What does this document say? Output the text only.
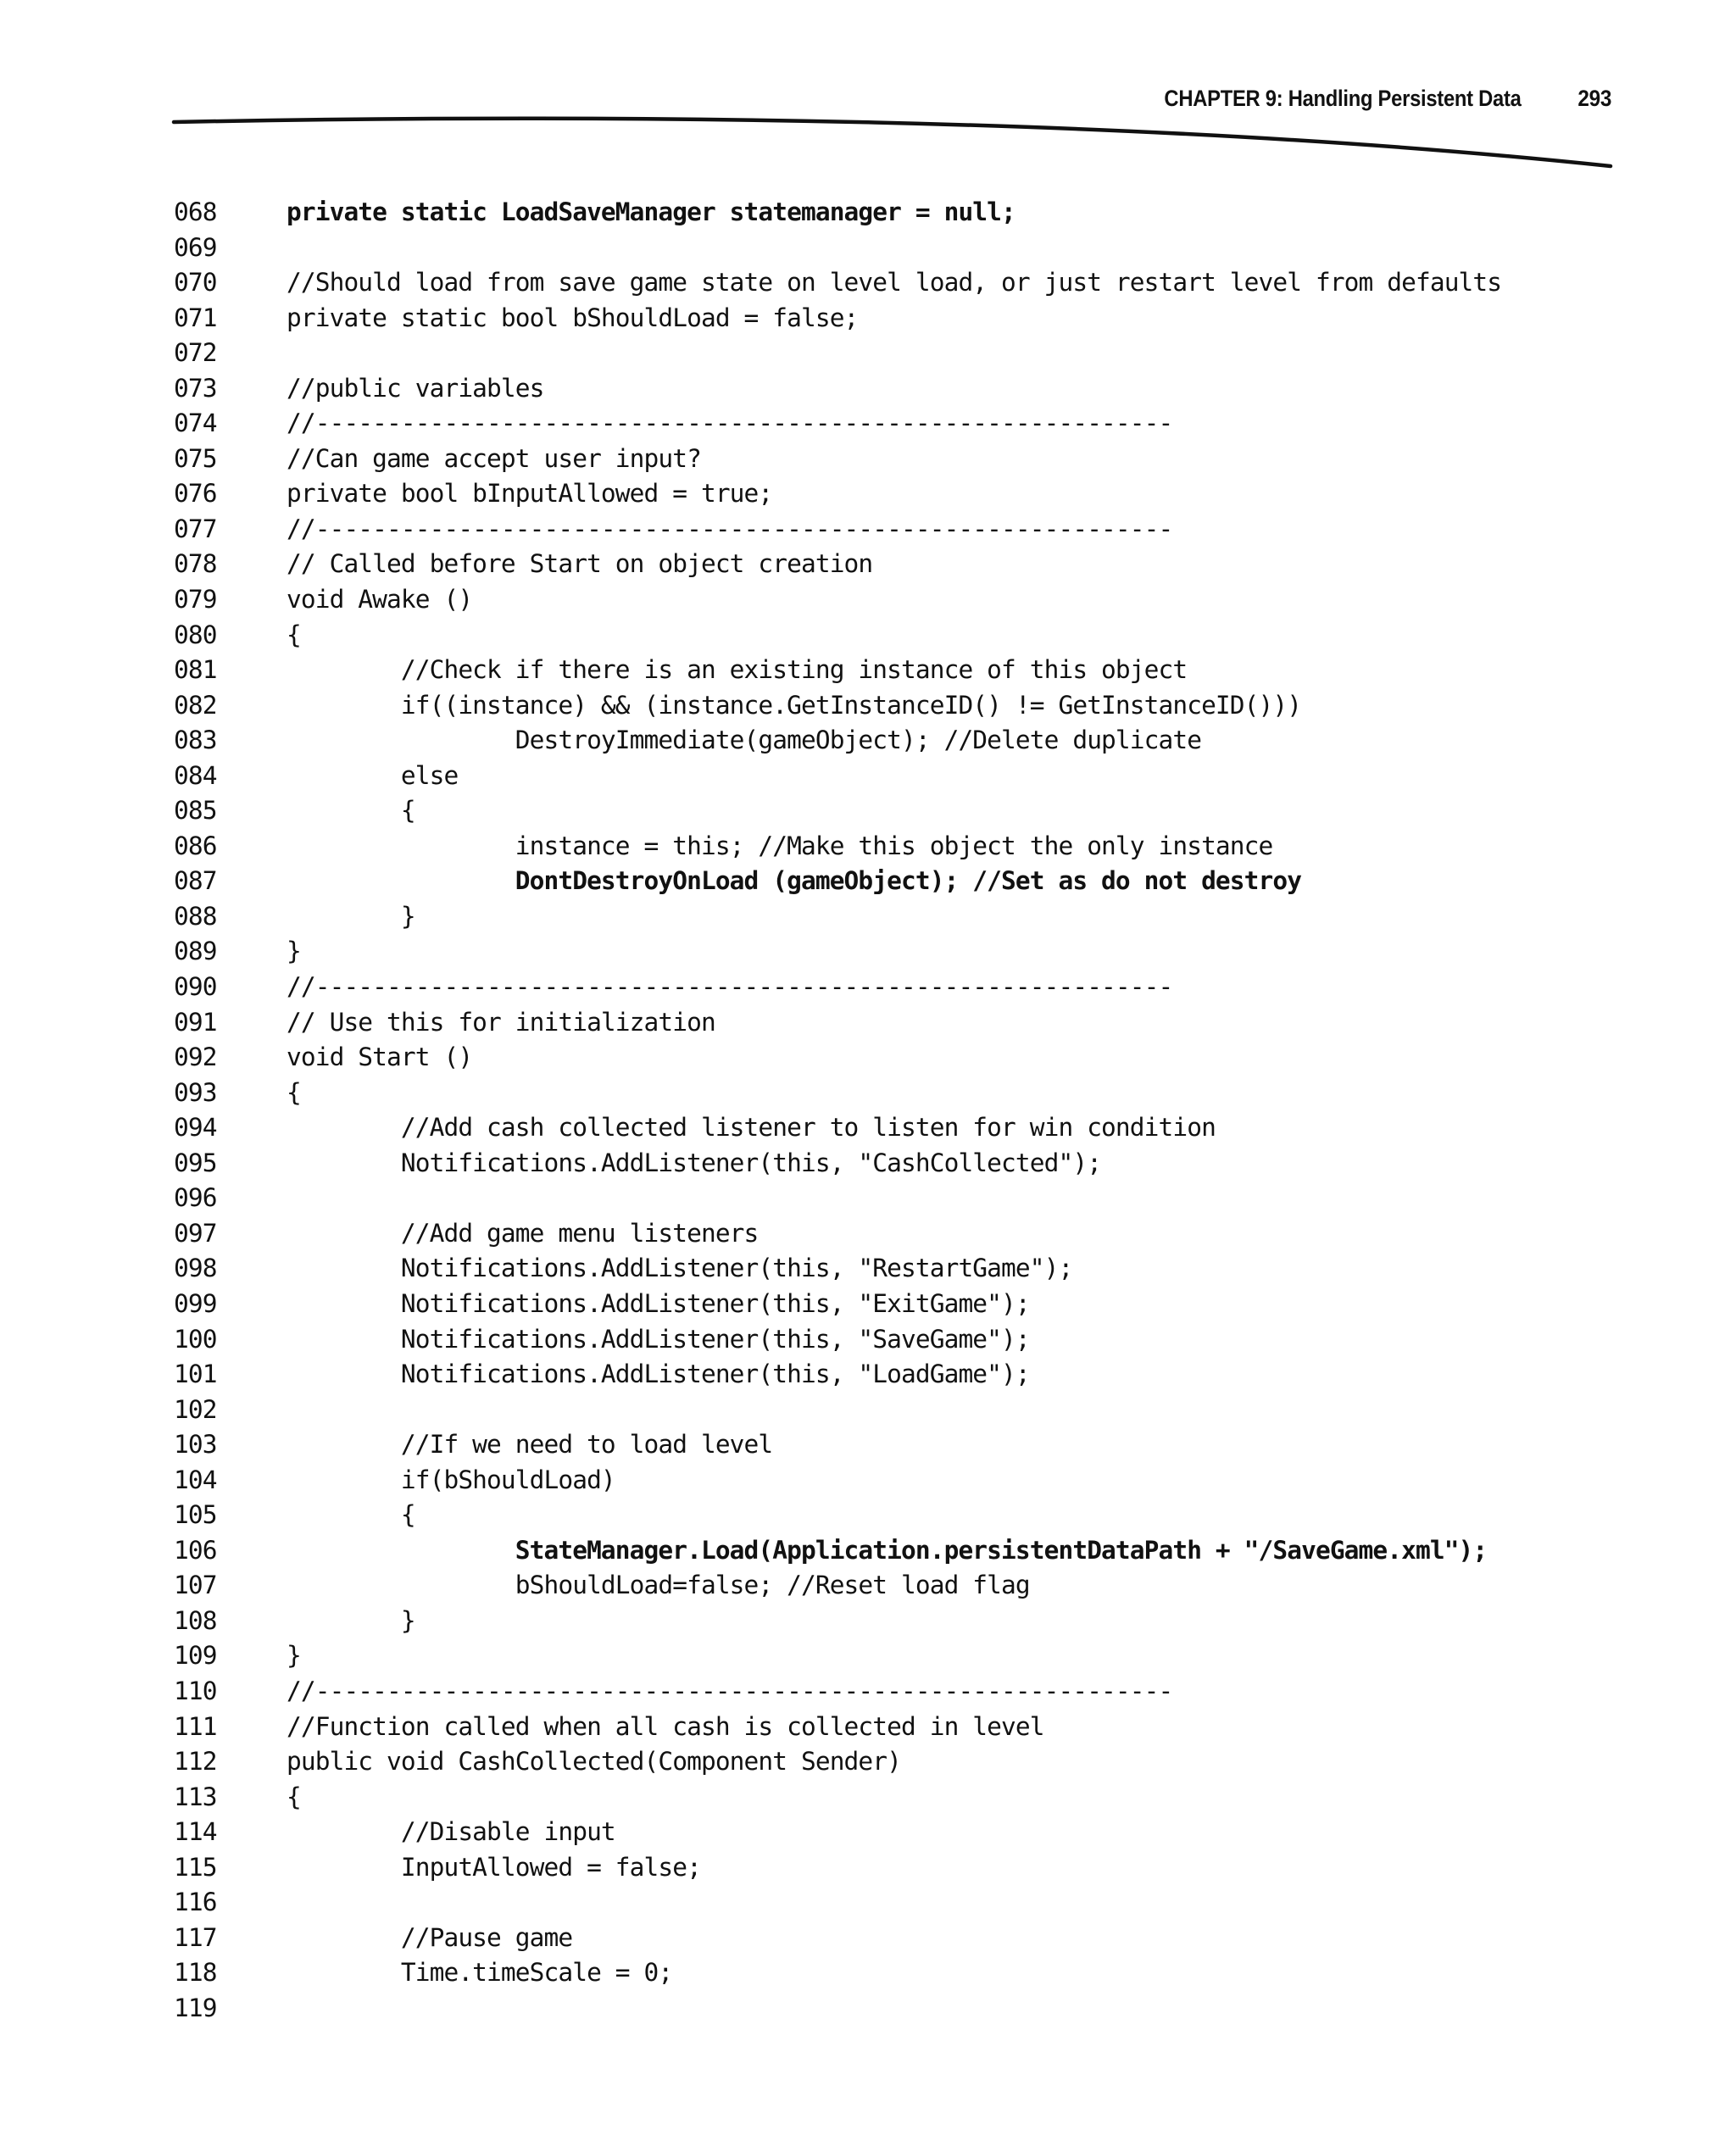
CHAPTER 9: Handling Persistent Data 293
068	private static LoadSaveManager statemanager = null;
069
070	//Should load from save game state on level load, or just restart level from defaults
071	private static bool bShouldLoad = false;
072
073	//public variables
074	//------------------------------------------------------------
075	//Can game accept user input?
076	private bool bInputAllowed = true;
077	//------------------------------------------------------------
078	// Called before Start on object creation
079	void Awake ()
080	{
081	//Check if there is an existing instance of this object
082	if((instance) && (instance.GetInstanceID() != GetInstanceID()))
083	DestroyImmediate(gameObject); //Delete duplicate
084	else
085	{
086	instance = this; //Make this object the only instance
087	DontDestroyOnLoad (gameObject); //Set as do not destroy
088	}
089	}
090	//------------------------------------------------------------
091	// Use this for initialization
092	void Start ()
093	{
094	//Add cash collected listener to listen for win condition
095	Notifications.AddListener(this, "CashCollected");
096
097	//Add game menu listeners
098	Notifications.AddListener(this, "RestartGame");
099	Notifications.AddListener(this, "ExitGame");
100	Notifications.AddListener(this, "SaveGame");
101	Notifications.AddListener(this, "LoadGame");
102
103	//If we need to load level
104	if(bShouldLoad)
105	{
106	StateManager.Load(Application.persistentDataPath + "/SaveGame.xml");
107	bShouldLoad=false; //Reset load flag
108	}
109	}
110	//------------------------------------------------------------
111	//Function called when all cash is collected in level
112	public void CashCollected(Component Sender)
113	{
114	//Disable input
115	InputAllowed = false;
116
117	//Pause game
118	Time.timeScale = 0;
119
